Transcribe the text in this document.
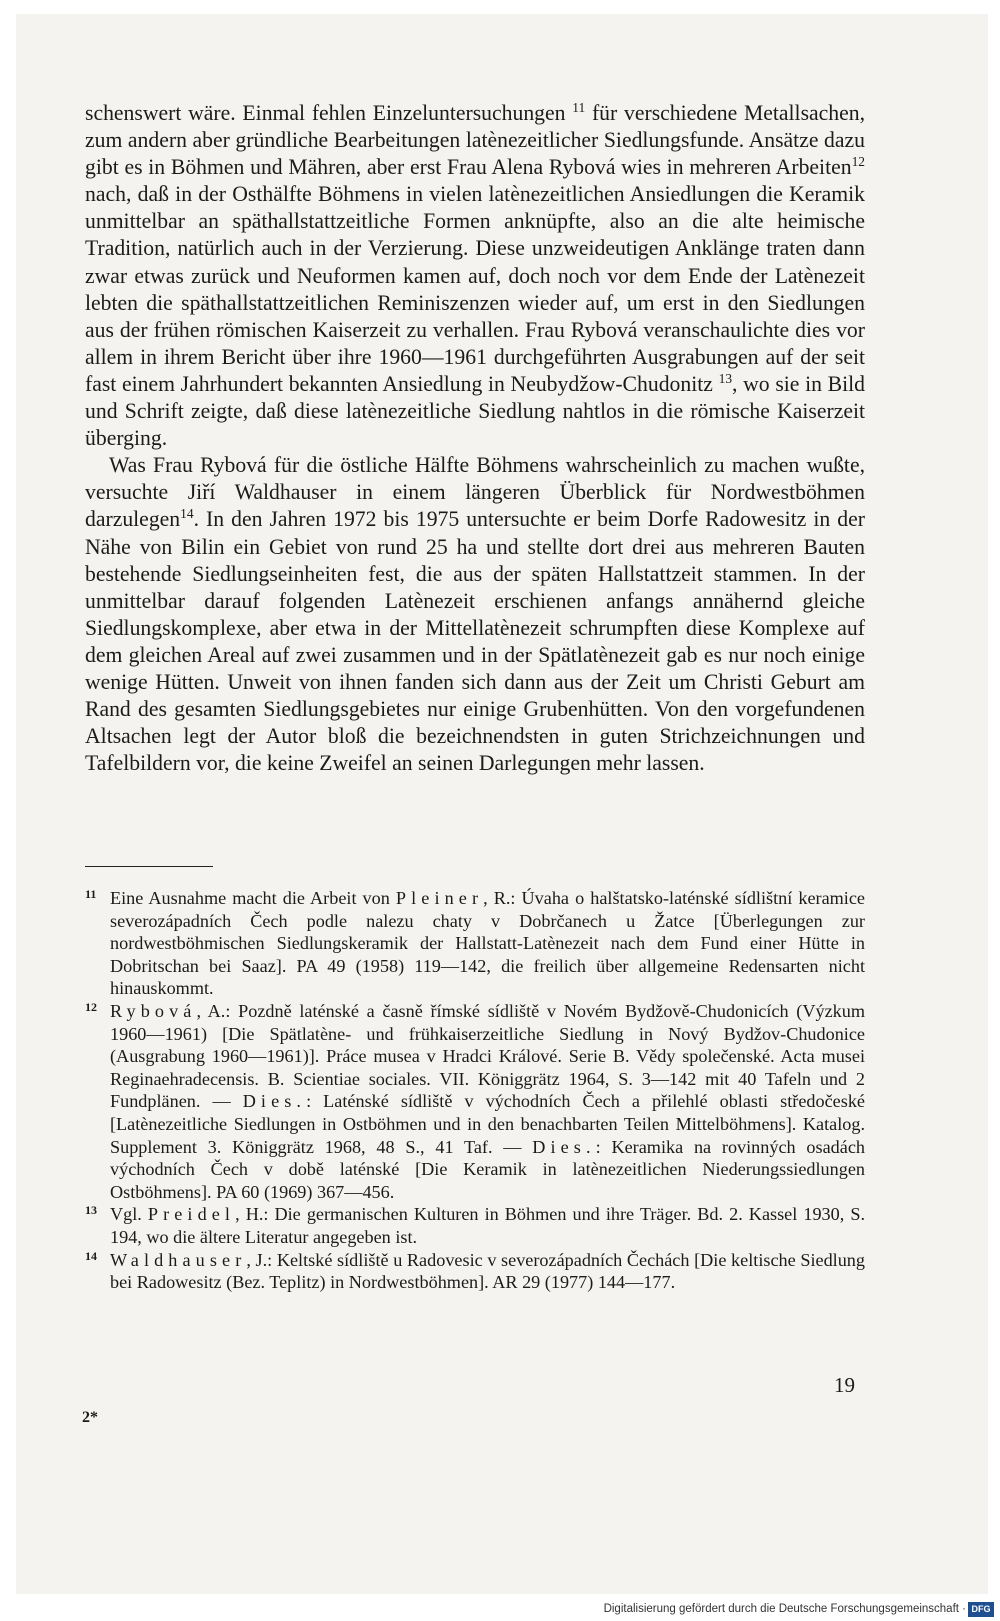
schenswert wäre. Einmal fehlen Einzeluntersuchungen $^{11}$ für verschiedene Metallsachen, zum andern aber gründliche Bearbeitungen latènezeitlicher Siedlungsfunde. Ansätze dazu gibt es in Böhmen und Mähren, aber erst Frau Alena Rybová wies in mehreren Arbeiten$^{12}$ nach, daß in der Osthälfte Böhmens in vielen latènezeitlichen Ansiedlungen die Keramik unmittelbar an späthallstattzeitliche Formen anknüpfte, also an die alte heimische Tradition, natürlich auch in der Verzierung. Diese unzweideutigen Anklänge traten dann zwar etwas zurück und Neuformen kamen auf, doch noch vor dem Ende der Latènezeit lebten die späthallstattzeitlichen Reminiszenzen wieder auf, um erst in den Siedlungen aus der frühen römischen Kaiserzeit zu verhallen. Frau Rybová veranschaulichte dies vor allem in ihrem Bericht über ihre 1960—1961 durchgeführten Ausgrabungen auf der seit fast einem Jahrhundert bekannten Ansiedlung in Neubydžow-Chudonitz $^{13}$, wo sie in Bild und Schrift zeigte, daß diese latènezeitliche Siedlung nahtlos in die römische Kaiserzeit überging.

Was Frau Rybová für die östliche Hälfte Böhmens wahrscheinlich zu machen wußte, versuchte Jiří Waldhauser in einem längeren Überblick für Nordwestböhmen darzulegen$^{14}$. In den Jahren 1972 bis 1975 untersuchte er beim Dorfe Radowesitz in der Nähe von Bilin ein Gebiet von rund 25 ha und stellte dort drei aus mehreren Bauten bestehende Siedlungseinheiten fest, die aus der späten Hallstattzeit stammen. In der unmittelbar darauf folgenden Latènezeit erschienen anfangs annähernd gleiche Siedlungskomplexe, aber etwa in der Mittellatènezeit schrumpften diese Komplexe auf dem gleichen Areal auf zwei zusammen und in der Spätlatènezeit gab es nur noch einige wenige Hütten. Unweit von ihnen fanden sich dann aus der Zeit um Christi Geburt am Rand des gesamten Siedlungsgebietes nur einige Grubenhütten. Von den vorgefundenen Altsachen legt der Autor bloß die bezeichnendsten in guten Strichzeichnungen und Tafelbildern vor, die keine Zweifel an seinen Darlegungen mehr lassen.

11 Eine Ausnahme macht die Arbeit von Pleiner, R.: Úvaha o halštatsko-laténské sídlištní keramice severozápadních Čech podle nalezu chaty v Dobrčanech u Žatce [Überlegungen zur nordwestböhmischen Siedlungskeramik der Hallstatt-Latènezeit nach dem Fund einer Hütte in Dobritschan bei Saaz]. PA 49 (1958) 119—142, die freilich über allgemeine Redensarten nicht hinauskommt.

12 Rybová, A.: Pozdně laténské a časně římské sídliště v Novém Bydžově-Chudonicích (Výzkum 1960—1961) [Die Spätlatène- und frühkaiserzeitliche Siedlung in Nový Bydžov-Chudonice (Ausgrabung 1960—1961)]. Práce musea v Hradci Králové. Serie B. Vědy společenské. Acta musei Reginaehradecensis. B. Scientiae sociales. VII. Königgrätz 1964, S. 3—142 mit 40 Tafeln und 2 Fundplänen. — Dies.: Laténské sídliště v východních Čech a přilehlé oblasti středočeské [Latènezeitliche Siedlungen in Ostböhmen und in den benachbarten Teilen Mittelböhmens]. Katalog. Supplement 3. Königgrätz 1968, 48 S., 41 Taf. — Dies.: Keramika na rovinných osadách východních Čech v době laténské [Die Keramik in latènezeitlichen Niederungssiedlungen Ostböhmens]. PA 60 (1969) 367—456.

13 Vgl. Preidel, H.: Die germanischen Kulturen in Böhmen und ihre Träger. Bd. 2. Kassel 1930, S. 194, wo die ältere Literatur angegeben ist.

14 Waldhauser, J.: Keltské sídliště u Radovesic v severozápadních Čechách [Die keltische Siedlung bei Radowesitz (Bez. Teplitz) in Nordwestböhmen]. AR 29 (1977) 144—177.

19
2*
Digitalisierung gefördert durch die Deutsche Forschungsgemeinschaft · DFG
